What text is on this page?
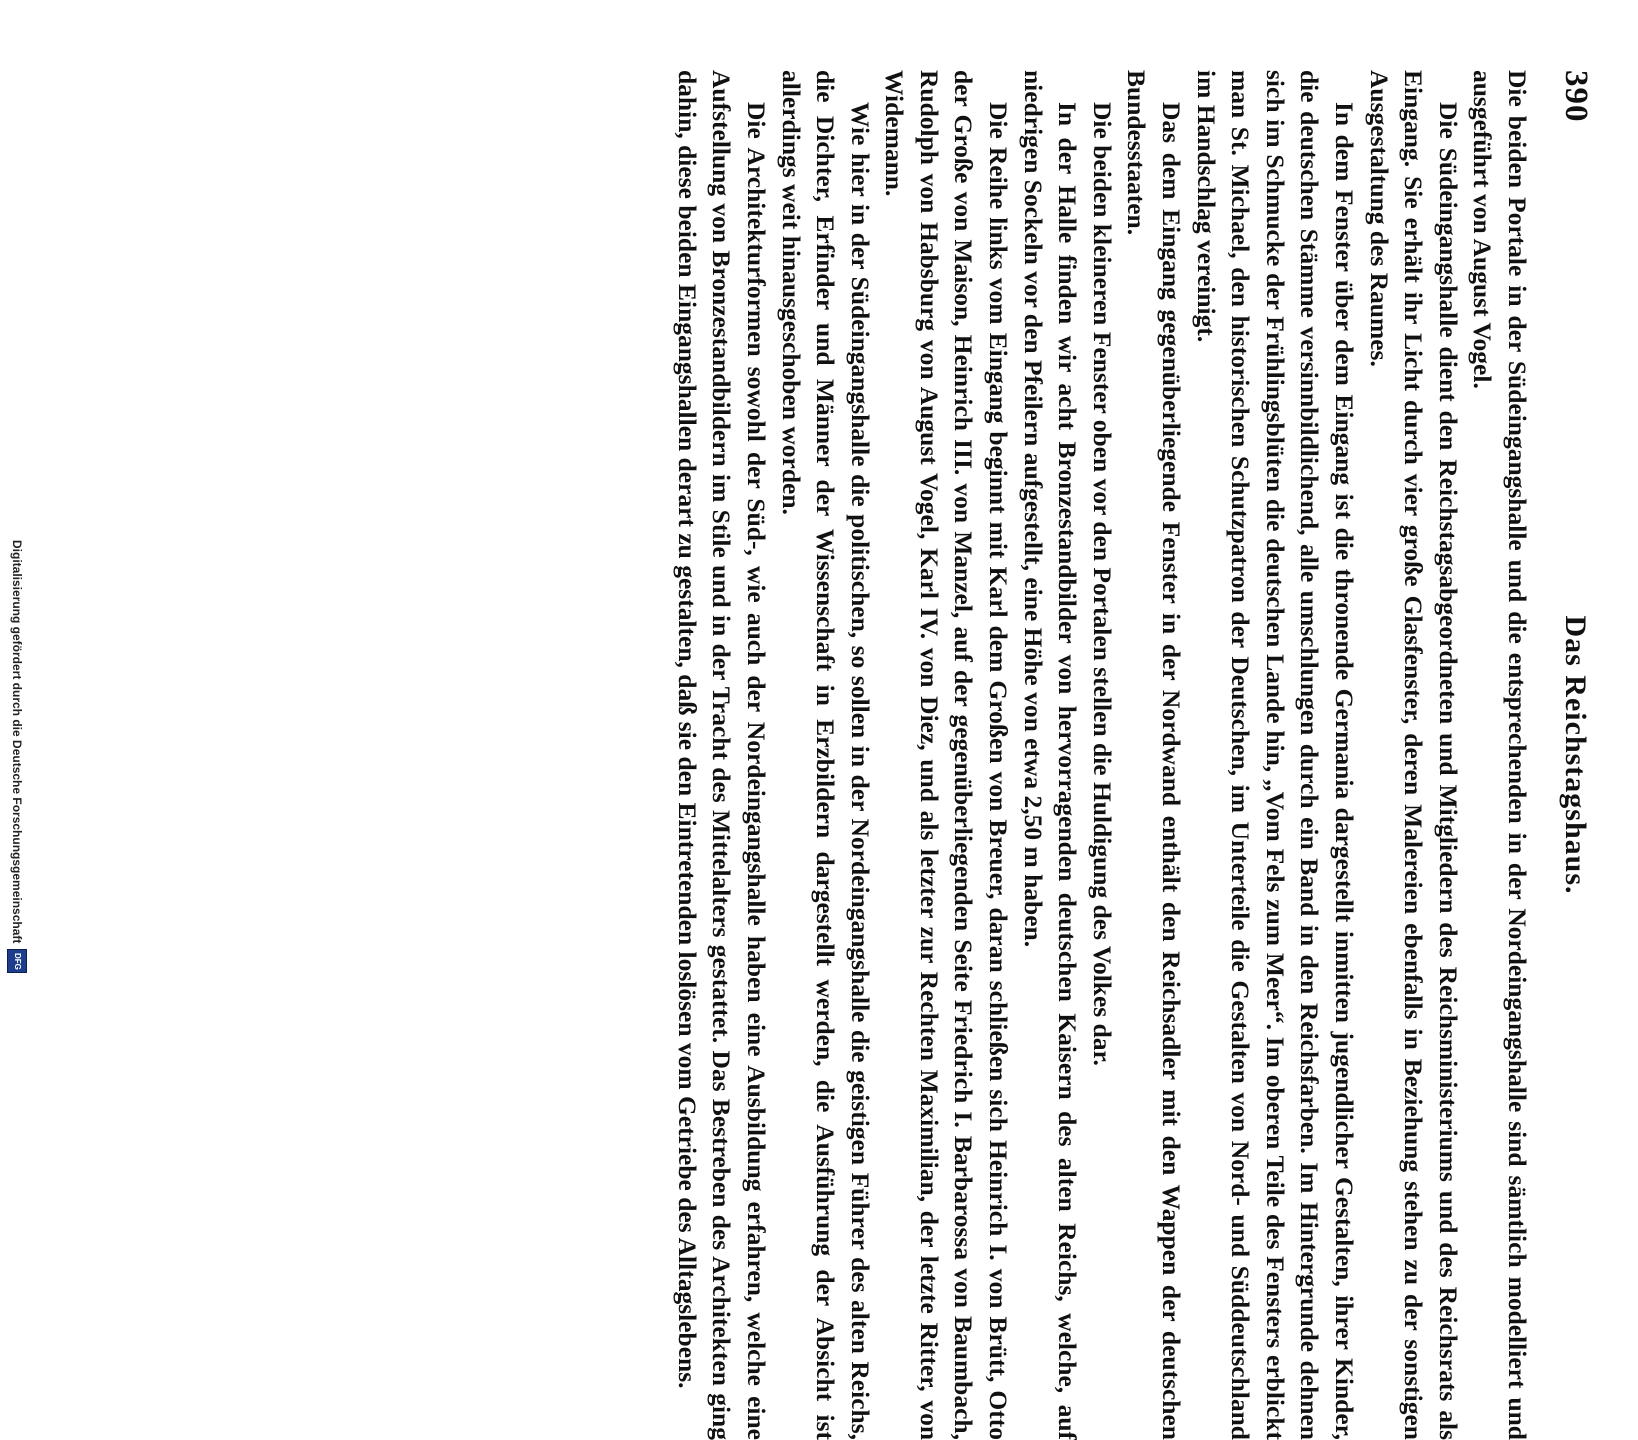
390
Das Reichstagshaus.

Die beiden Portale in der Südeingangshalle und die entsprechenden in der Nordeingangshalle sind sämtlich modelliert und ausgeführt von August Vogel.

Die Südeingangshalle dient den Reichstagsabgeordneten und Mitgliedern des Reichsministeriums und des Reichsrats als Eingang. Sie erhält ihr Licht durch vier große Glasfenster, deren Malereien ebenfalls in Beziehung stehen zu der sonstigen Ausgestaltung des Raumes.

In dem Fenster über dem Eingang ist die thronende Germania dargestellt inmitten jugendlicher Gestalten, ihrer Kinder, die deutschen Stämme versinnbildlichend, alle umschlungen durch ein Band in den Reichsfarben. Im Hintergrunde dehnen sich im Schmucke der Frühlingsblüten die deutschen Lande hin, „Vom Fels zum Meer“. Im oberen Teile des Fensters erblickt man St. Michael, den historischen Schutzpatron der Deutschen, im Unterteile die Gestalten von Nord- und Süddeutschland im Handschlag vereinigt.

Das dem Eingang gegenüberliegende Fenster in der Nordwand enthält den Reichsadler mit den Wappen der deutschen Bundesstaaten.

Die beiden kleineren Fenster oben vor den Portalen stellen die Huldigung des Volkes dar.

In der Halle finden wir acht Bronzestandbilder von hervorragenden deutschen Kaisern des alten Reichs, welche, auf niedrigen Sockeln vor den Pfeilern aufgestellt, eine Höhe von etwa 2,50 m haben.

Die Reihe links vom Eingang beginnt mit Karl dem Großen von Breuer, daran schließen sich Heinrich I. von Brütt, Otto der Große von Maison, Heinrich III. von Manzel, auf der gegenüberliegenden Seite Friedrich I. Barbarossa von Baumbach, Rudolph von Habsburg von August Vogel, Karl IV. von Diez, und als letzter zur Rechten Maximilian, der letzte Ritter, von Widemann.

Wie hier in der Südeingangshalle die politischen, so sollen in der Nordeingangshalle die geistigen Führer des alten Reichs, die Dichter, Erfinder und Männer der Wissenschaft in Erzbildern dargestellt werden, die Ausführung der Absicht ist allerdings weit hinausgeschoben worden.

Die Architekturformen sowohl der Süd-, wie auch der Nordeingangshalle haben eine Ausbildung erfahren, welche eine Aufstellung von Bronzestandbildern im Stile und in der Tracht des Mittelalters gestattet. Das Bestreben des Architekten ging dahin, diese beiden Eingangshallen derart zu gestalten, daß sie den Eintretenden loslösen vom Getriebe des Alltagslebens.

Digitalisierung gefördert durch die Deutsche Forschungsgemeinschaft
DFG
